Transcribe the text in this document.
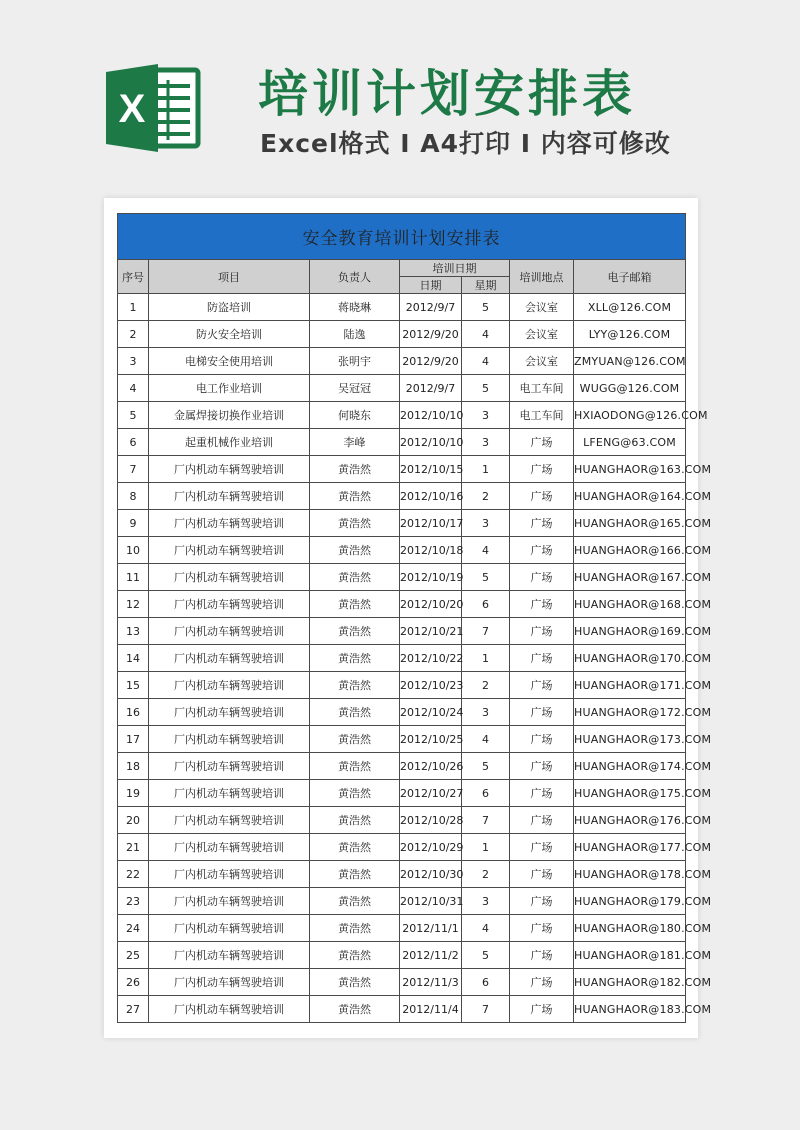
X 培训计划安排表
Excel格式 Ⅰ A4打印 Ⅰ 内容可修改
安全教育培训计划安排表						
序号	项目	负责人	培训日期		培训地点	电子邮箱
			日期	星期		
1	防盗培训	蒋晓琳	2012/9/7	5	会议室	XLL@126.COM
2	防火安全培训	陆逸	2012/9/20	4	会议室	LYY@126.COM
3	电梯安全使用培训	张明宇	2012/9/20	4	会议室	ZMYUAN@126.COM
4	电工作业培训	吴冠冠	2012/9/7	5	电工车间	WUGG@126.COM
5	金属焊接切换作业培训	何晓东	2012/10/10	3	电工车间	HXIAODONG@126.COM
6	起重机械作业培训	李峰	2012/10/10	3	广场	LFENG@63.COM
7	厂内机动车辆驾驶培训	黄浩然	2012/10/15	1	广场	HUANGHAOR@163.COM
8	厂内机动车辆驾驶培训	黄浩然	2012/10/16	2	广场	HUANGHAOR@164.COM
9	厂内机动车辆驾驶培训	黄浩然	2012/10/17	3	广场	HUANGHAOR@165.COM
10	厂内机动车辆驾驶培训	黄浩然	2012/10/18	4	广场	HUANGHAOR@166.COM
11	厂内机动车辆驾驶培训	黄浩然	2012/10/19	5	广场	HUANGHAOR@167.COM
12	厂内机动车辆驾驶培训	黄浩然	2012/10/20	6	广场	HUANGHAOR@168.COM
13	厂内机动车辆驾驶培训	黄浩然	2012/10/21	7	广场	HUANGHAOR@169.COM
14	厂内机动车辆驾驶培训	黄浩然	2012/10/22	1	广场	HUANGHAOR@170.COM
15	厂内机动车辆驾驶培训	黄浩然	2012/10/23	2	广场	HUANGHAOR@171.COM
16	厂内机动车辆驾驶培训	黄浩然	2012/10/24	3	广场	HUANGHAOR@172.COM
17	厂内机动车辆驾驶培训	黄浩然	2012/10/25	4	广场	HUANGHAOR@173.COM
18	厂内机动车辆驾驶培训	黄浩然	2012/10/26	5	广场	HUANGHAOR@174.COM
19	厂内机动车辆驾驶培训	黄浩然	2012/10/27	6	广场	HUANGHAOR@175.COM
20	厂内机动车辆驾驶培训	黄浩然	2012/10/28	7	广场	HUANGHAOR@176.COM
21	厂内机动车辆驾驶培训	黄浩然	2012/10/29	1	广场	HUANGHAOR@177.COM
22	厂内机动车辆驾驶培训	黄浩然	2012/10/30	2	广场	HUANGHAOR@178.COM
23	厂内机动车辆驾驶培训	黄浩然	2012/10/31	3	广场	HUANGHAOR@179.COM
24	厂内机动车辆驾驶培训	黄浩然	2012/11/1	4	广场	HUANGHAOR@180.COM
25	厂内机动车辆驾驶培训	黄浩然	2012/11/2	5	广场	HUANGHAOR@181.COM
26	厂内机动车辆驾驶培训	黄浩然	2012/11/3	6	广场	HUANGHAOR@182.COM
27	厂内机动车辆驾驶培训	黄浩然	2012/11/4	7	广场	HUANGHAOR@183.COM
